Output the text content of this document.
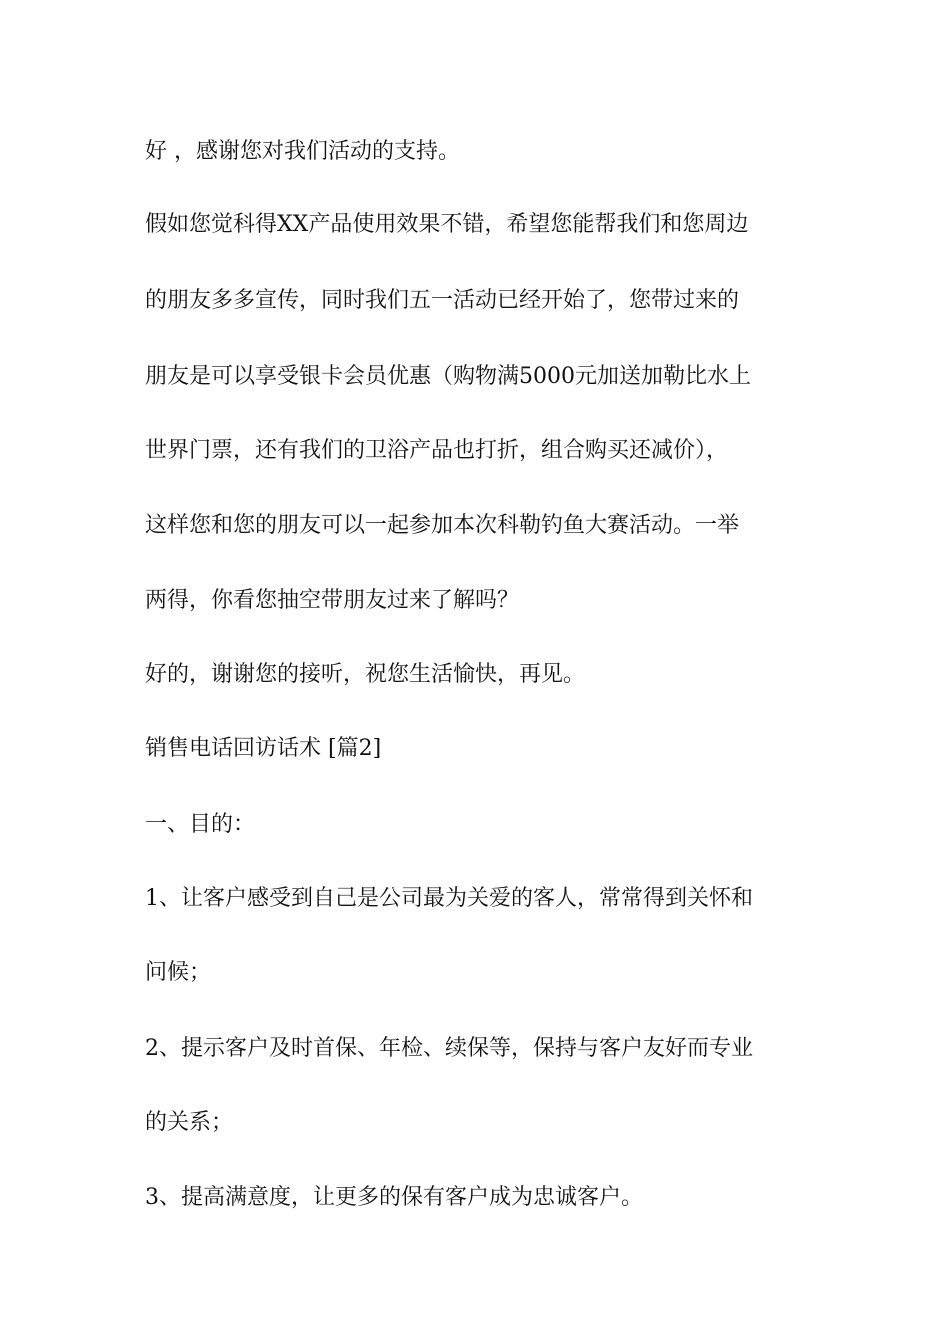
好 ，感谢您对我们活动的支持。
假如您觉科得XX产品使用效果不错，希望您能帮我们和您周边
的朋友多多宣传，同时我们五一活动已经开始了，您带过来的
朋友是可以享受银卡会员优惠（购物满5000元加送加勒比水上
世界门票，还有我们的卫浴产品也打折，组合购买还减价），
这样您和您的朋友可以一起参加本次科勒钓鱼大赛活动。一举
两得，你看您抽空带朋友过来了解吗？
好的，谢谢您的接听，祝您生活愉快，再见。
销售电话回访话术 [篇2]
一、目的：
1、让客户感受到自己是公司最为关爱的客人，常常得到关怀和
问候；
2、提示客户及时首保、年检、续保等，保持与客户友好而专业
的关系；
3、提高满意度，让更多的保有客户成为忠诚客户。
